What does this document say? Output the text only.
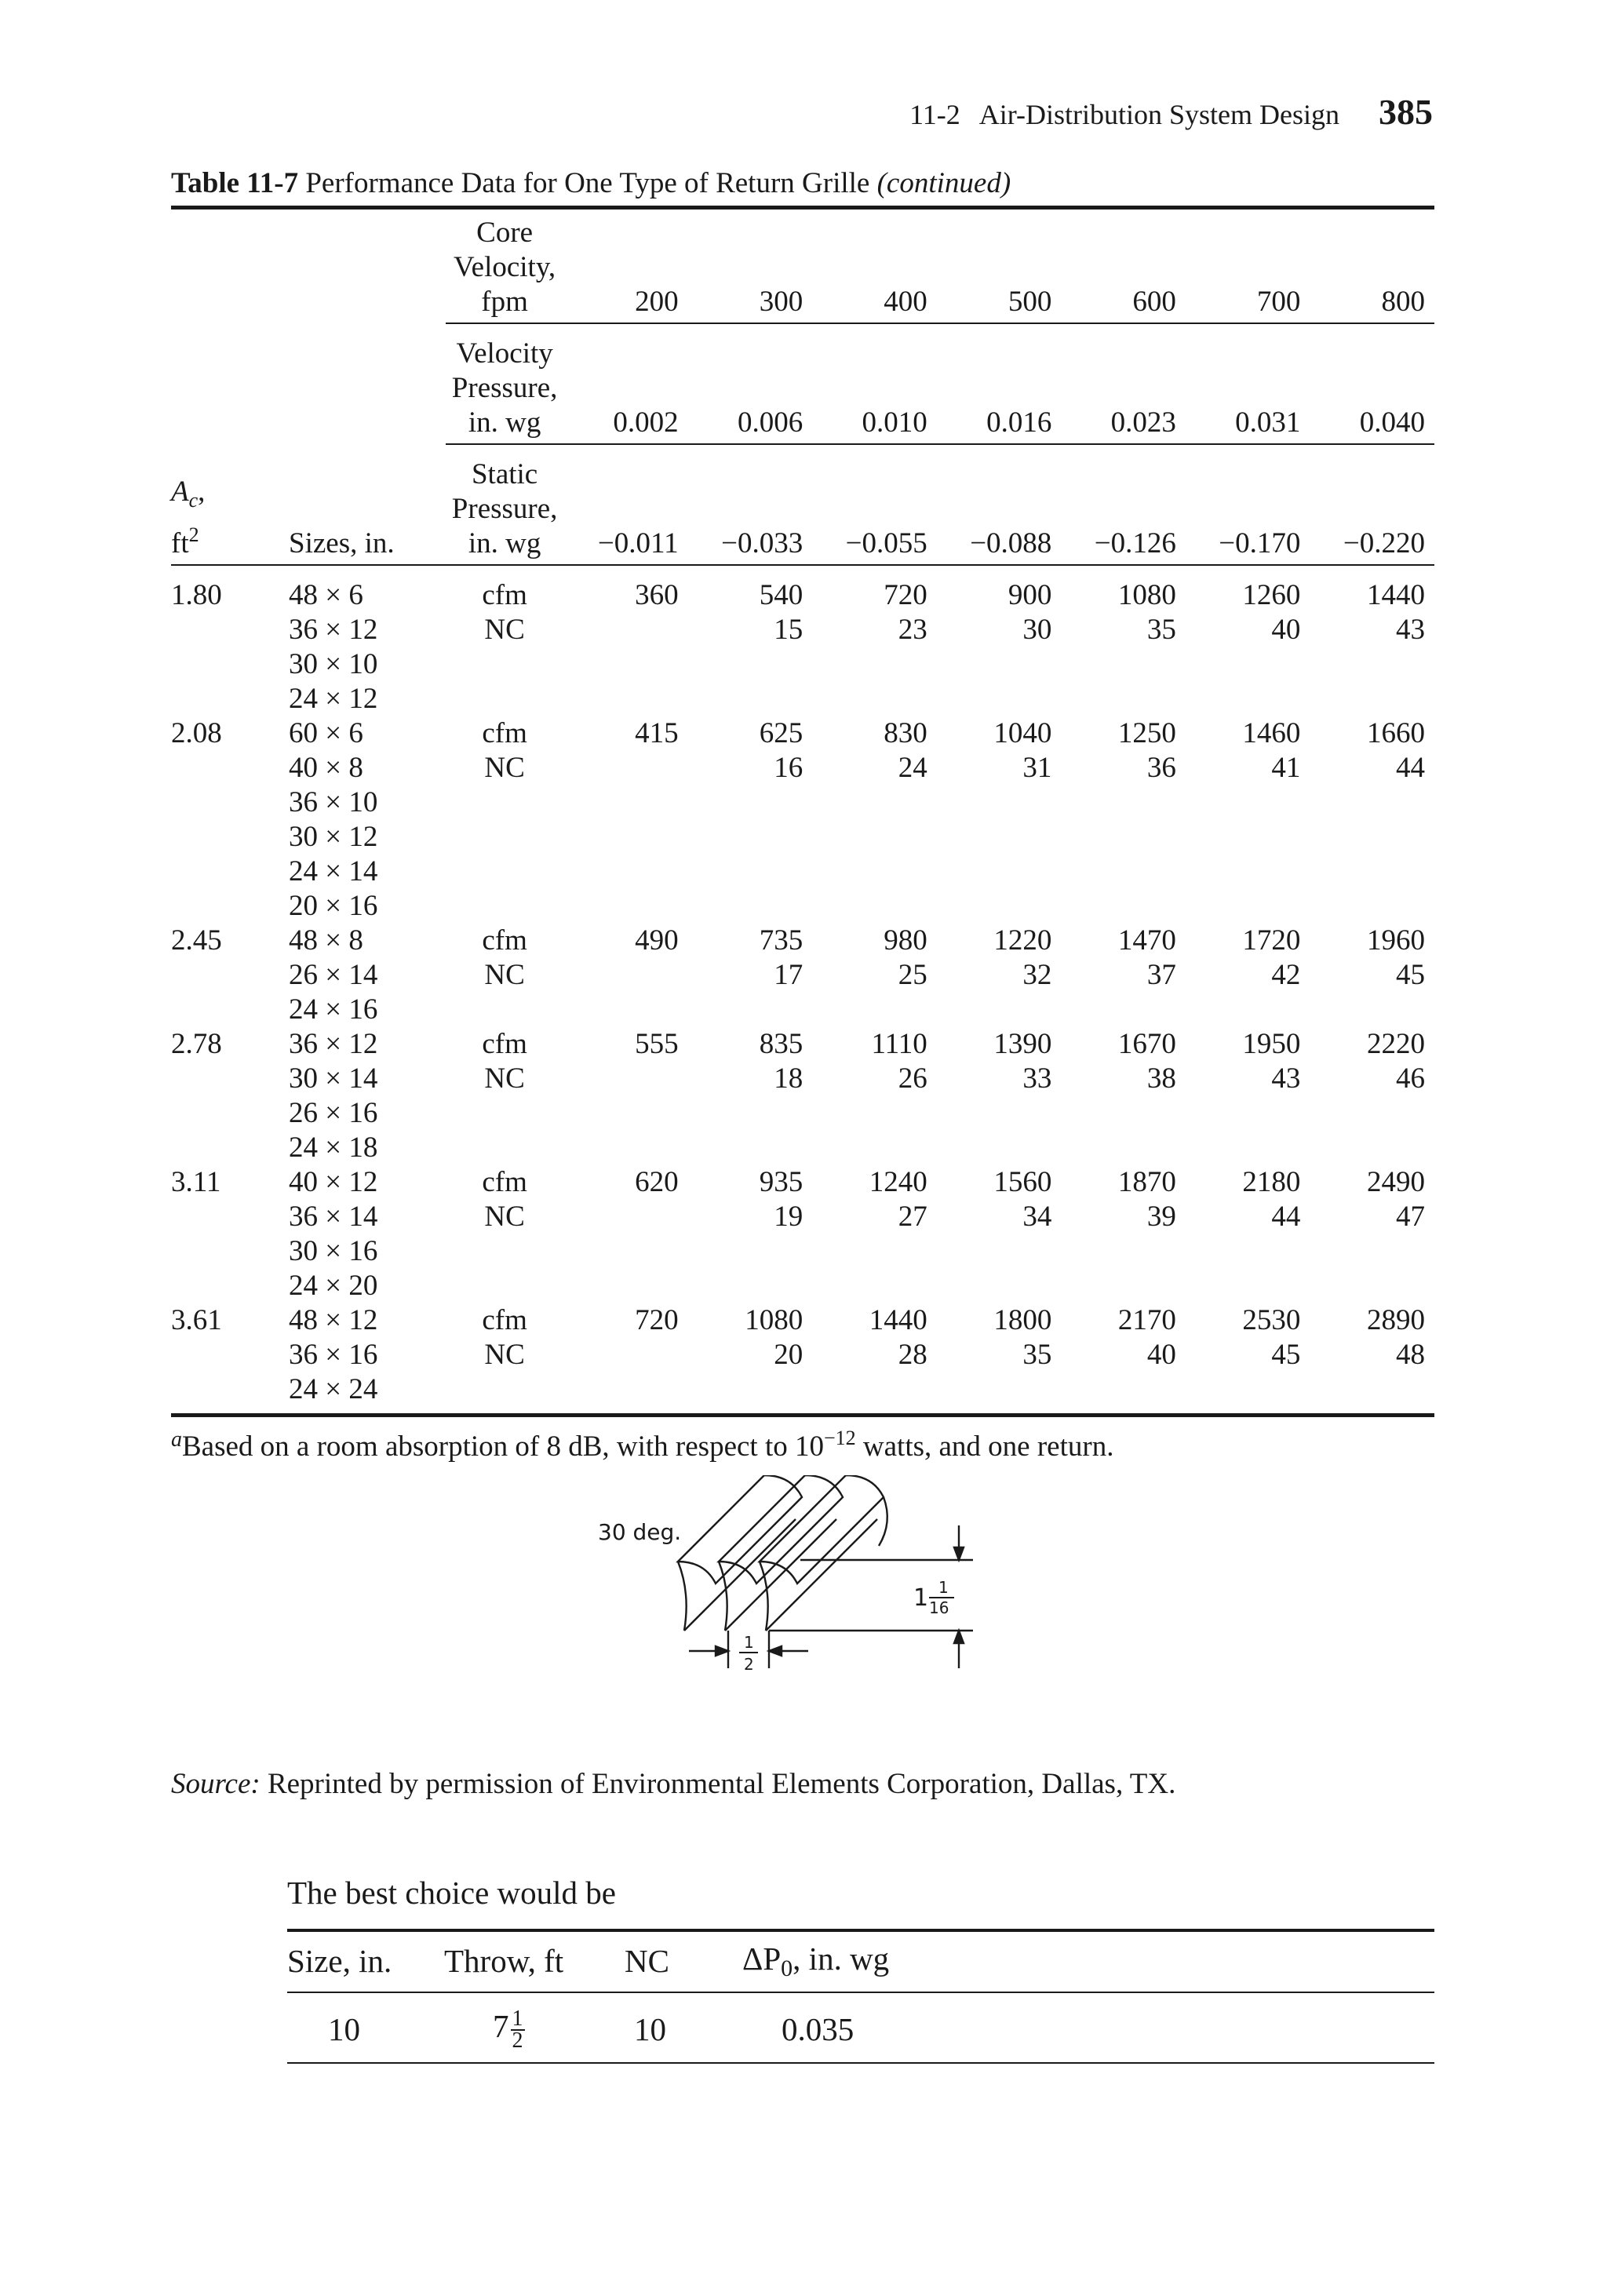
11-2 Air-Distribution System Design 385
Table 11-7 Performance Data for One Type of Return Grille (continued)

		Core
Velocity,
fpm	200	300	400	500	600	700	800

		Velocity
Pressure,
in. wg	0.002	0.006	0.010	0.016	0.023	0.031	0.040

$A_c$,
$ft^2$	Sizes, in.	Static
Pressure,
in. wg	−0.011	−0.033	−0.055	−0.088	−0.126	−0.170	−0.220

1.80	48 × 6	cfm	360	540	720	900	1080	1260	1440
	36 × 12	NC		15	23	30	35	40	43
	30 × 10								
	24 × 12								
2.08	60 × 6	cfm	415	625	830	1040	1250	1460	1660
	40 × 8	NC		16	24	31	36	41	44
	36 × 10								
	30 × 12								
	24 × 14								
	20 × 16								
2.45	48 × 8	cfm	490	735	980	1220	1470	1720	1960
	26 × 14	NC		17	25	32	37	42	45
	24 × 16								
2.78	36 × 12	cfm	555	835	1110	1390	1670	1950	2220
	30 × 14	NC		18	26	33	38	43	46
	26 × 16								
	24 × 18								
3.11	40 × 12	cfm	620	935	1240	1560	1870	2180	2490
	36 × 14	NC		19	27	34	39	44	47
	30 × 16								
	24 × 20								
3.61	48 × 12	cfm	720	1080	1440	1800	2170	2530	2890
	36 × 16	NC		20	28	35	40	45	48
	24 × 24								

$^a$Based on a room absorption of 8 dB, with respect to $10^{-12}$ watts, and one return.
30 deg.
1 1
16
1
2
Source: Reprinted by permission of Environmental Elements Corporation, Dallas, TX.
The best choice would be
Size, in.	Throw, ft	NC	ΔP0, in. wg
10	$7 \frac{1}{2}$	10	0.035
